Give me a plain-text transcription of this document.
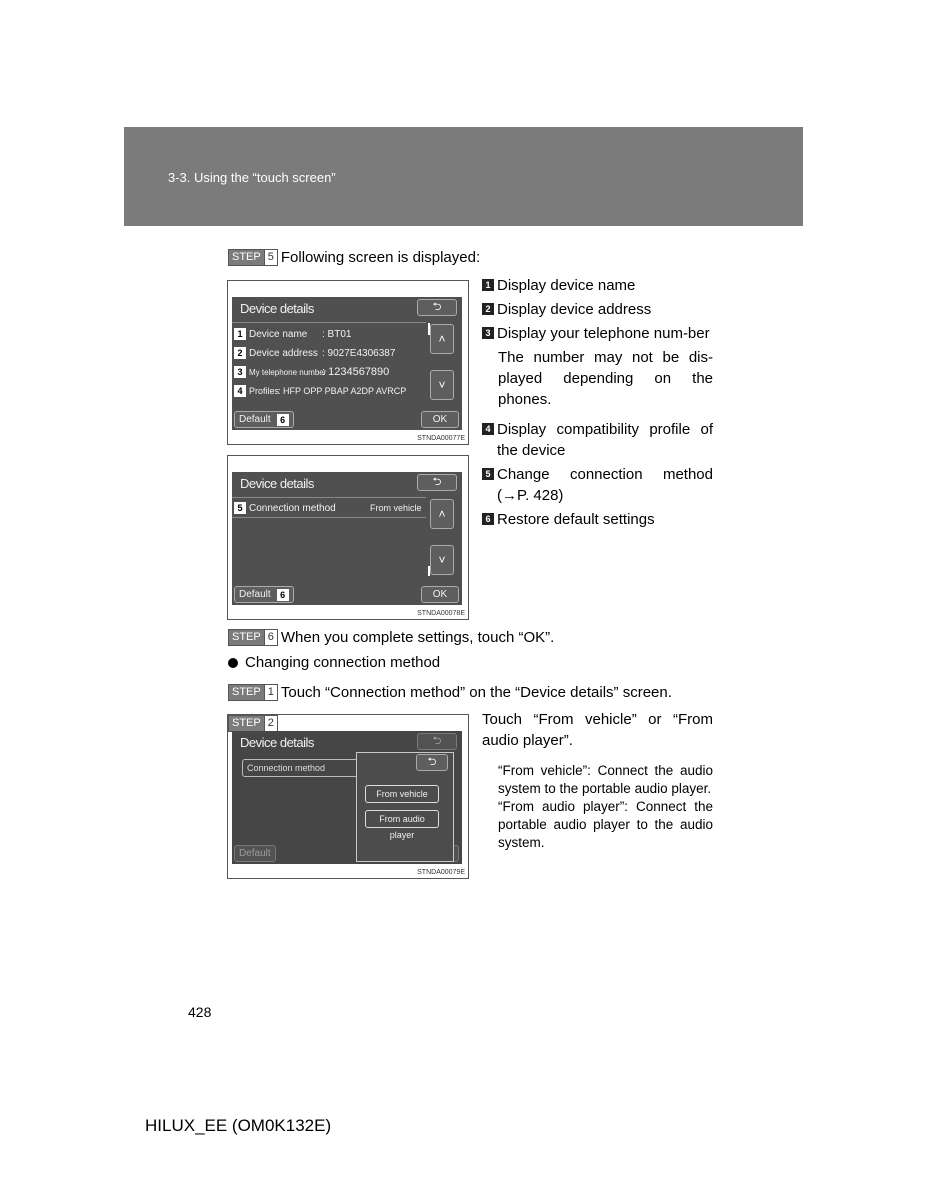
3-3. Using the “touch screen”
STEP 5 Following screen is displayed:
Device details	⮌
1 Device name : BT01
2 Device address : 9027E4306387
3 My telephone number
: 1234567890
4 Profiles
: HFP OPP PBAP A2DP AVRCP
˄

˅
Default	6	OK
STNDA00077E
Device details	⮌
5 Connection method	From vehicle	˄
˅
Default	6	OK
STNDA00078E
1 Display device name
2 Display device address
3 Display your telephone num-ber
The number may not be dis-played depending on the phones.
4 Display compatibility profile of the device
5 Change connection method (→P. 428)
6 Restore default settings
STEP 6 When you complete settings, touch “OK”.
Changing connection method
STEP 1 Touch “Connection method” on the “Device details” screen.
STEP 2
Device details	⮌
Connection method
Default
⮌
From vehicle
From audio player
STNDA00079E
Touch “From vehicle” or “From audio player”.
“From vehicle”: Connect the audio system to the portable audio player.
“From audio player”: Connect the portable audio player to the audio system.
428
HILUX_EE (OM0K132E)
